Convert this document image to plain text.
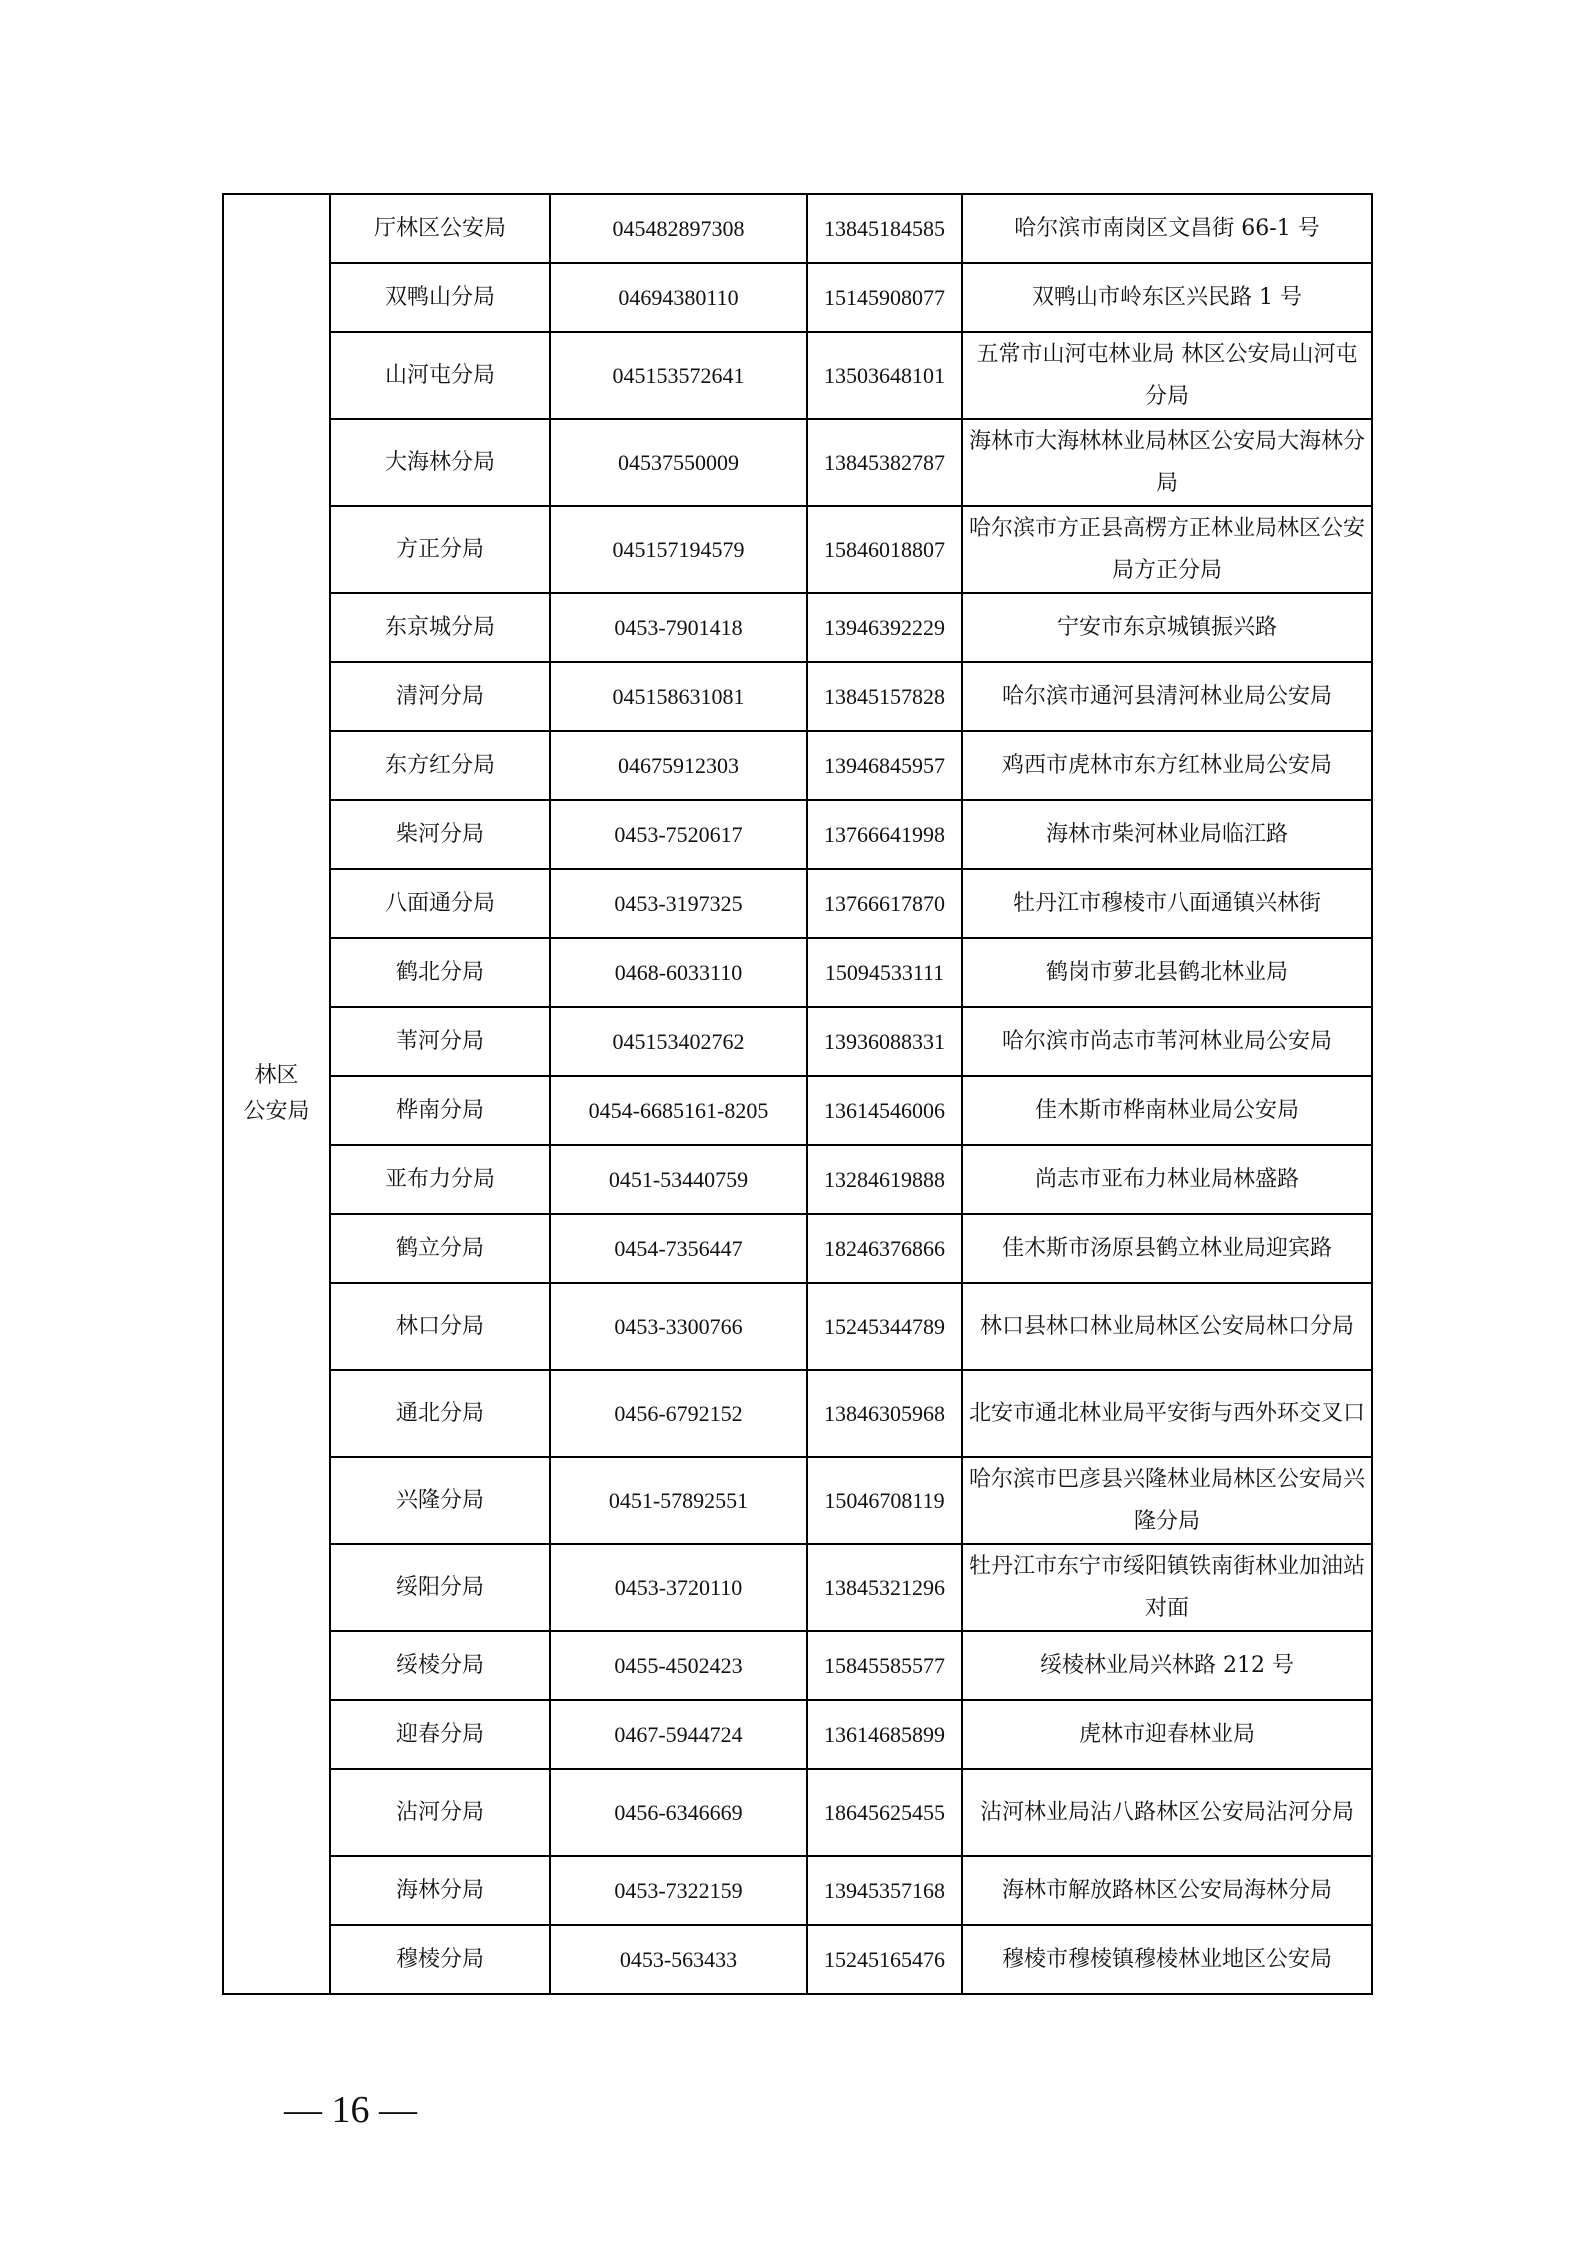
林区
公安局	厅林区公安局	045482897308	13845184585	哈尔滨市南岗区文昌街 66-1 号
	双鸭山分局	04694380110	15145908077	双鸭山市岭东区兴民路 1 号
	山河屯分局	045153572641	13503648101	五常市山河屯林业局 林区公安局山河屯分局
	大海林分局	04537550009	13845382787	海林市大海林林业局林区公安局大海林分局
	方正分局	045157194579	15846018807	哈尔滨市方正县高楞方正林业局林区公安局方正分局
	东京城分局	0453-7901418	13946392229	宁安市东京城镇振兴路
	清河分局	045158631081	13845157828	哈尔滨市通河县清河林业局公安局
	东方红分局	04675912303	13946845957	鸡西市虎林市东方红林业局公安局
	柴河分局	0453-7520617	13766641998	海林市柴河林业局临江路
	八面通分局	0453-3197325	13766617870	牡丹江市穆棱市八面通镇兴林街
	鹤北分局	0468-6033110	15094533111	鹤岗市萝北县鹤北林业局
	苇河分局	045153402762	13936088331	哈尔滨市尚志市苇河林业局公安局
	桦南分局	0454-6685161-8205	13614546006	佳木斯市桦南林业局公安局
	亚布力分局	0451-53440759	13284619888	尚志市亚布力林业局林盛路
	鹤立分局	0454-7356447	18246376866	佳木斯市汤原县鹤立林业局迎宾路
	林口分局	0453-3300766	15245344789	林口县林口林业局林区公安局林口分局
	通北分局	0456-6792152	13846305968	北安市通北林业局平安街与西外环交叉口
	兴隆分局	0451-57892551	15046708119	哈尔滨市巴彦县兴隆林业局林区公安局兴隆分局
	绥阳分局	0453-3720110	13845321296	牡丹江市东宁市绥阳镇铁南街林业加油站对面
	绥棱分局	0455-4502423	15845585577	绥棱林业局兴林路 212 号
	迎春分局	0467-5944724	13614685899	虎林市迎春林业局
	沾河分局	0456-6346669	18645625455	沾河林业局沾八路林区公安局沾河分局
	海林分局	0453-7322159	13945357168	海林市解放路林区公安局海林分局
	穆棱分局	0453-563433	15245165476	穆棱市穆棱镇穆棱林业地区公安局
— 16 —
